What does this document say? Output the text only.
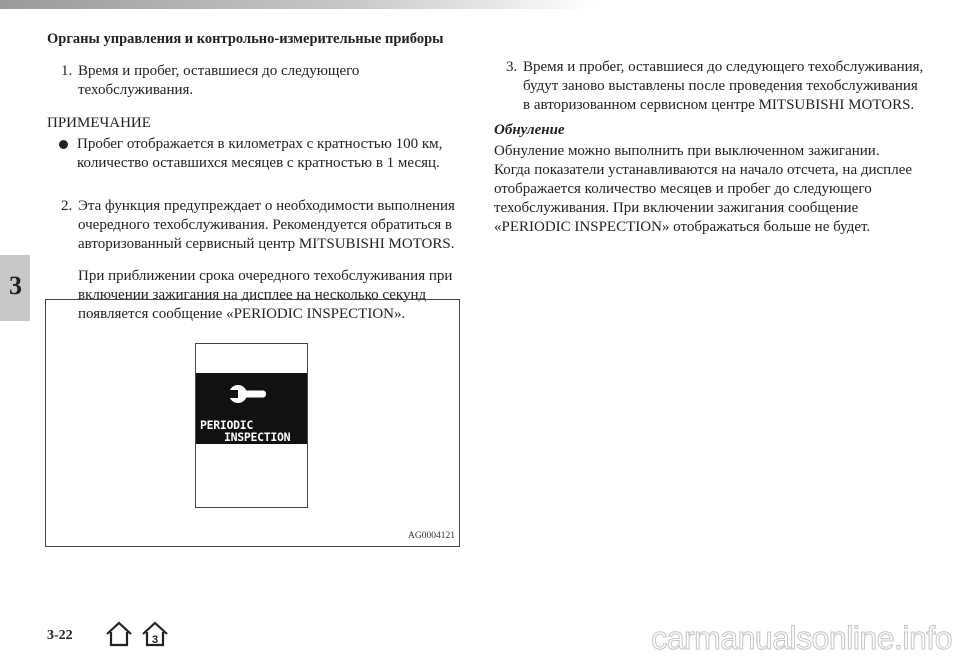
Органы управления и контрольно-измерительные приборы
3
1. Время и пробег, оставшиеся до следующего техобслуживания.
ПРИМЕЧАНИЕ
Пробег отображается в километрах с кратностью 100 км, количество оставшихся месяцев с кратностью в 1 месяц.
2. Эта функция предупреждает о необходимости выполнения очередного техобслуживания. Рекомендуется обратиться в авторизованный сервисный центр MITSUBISHI MOTORS.
При приближении срока очередного техобслуживания при включении зажигания на дисплее на несколько секунд появляется сообщение «PERIODIC INSPECTION».
PERIODIC
INSPECTION
AG0004121
3. Время и пробег, оставшиеся до следующего техобслуживания, будут заново выставлены после проведения техобслуживания в авторизованном сервисном центре MITSUBISHI MOTORS.
Обнуление
Обнуление можно выполнить при выключенном зажигании.
Когда показатели устанавливаются на начало отсчета, на дисплее отображается количество месяцев и пробег до следующего техобслуживания. При включении зажигания сообщение «PERIODIC INSPECTION» отображаться больше не будет.
3-22	3	carmanualsonline.info
